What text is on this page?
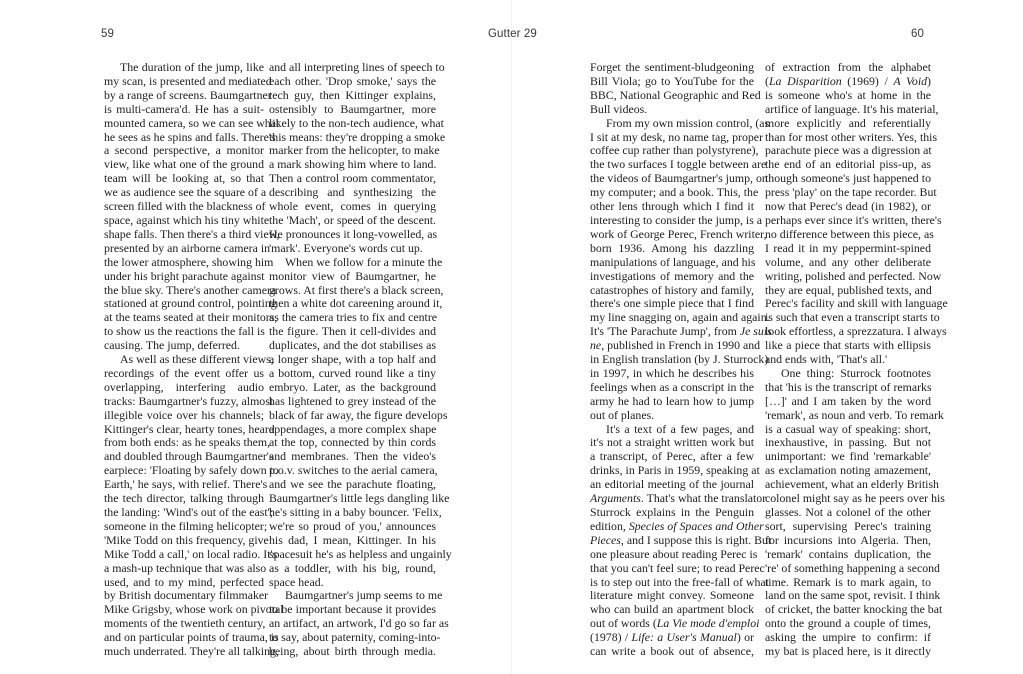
59	Gutter 29	60
The duration of the jump, like
my scan, is presented and mediated
by a range of screens. Baumgartner
is multi-camera'd. He has a suit-
mounted camera, so we can see what
he sees as he spins and falls. There's
a second perspective, a monitor
view, like what one of the ground
team will be looking at, so that
we as audience see the square of a
screen filled with the blackness of
space, against which his tiny white
shape falls. Then there's a third view,
presented by an airborne camera in
the lower atmosphere, showing him
under his bright parachute against
the blue sky. There's another camera
stationed at ground control, pointing
at the teams seated at their monitors,
to show us the reactions the fall is
causing. The jump, deferred.
As well as these different views,
recordings of the event offer us
overlapping, interfering audio
tracks: Baumgartner's fuzzy, almost
illegible voice over his channels;
Kittinger's clear, hearty tones, heard
from both ends: as he speaks them,
and doubled through Baumgartner's
earpiece: 'Floating by safely down to
Earth,' he says, with relief. There's
the tech director, talking through
the landing: 'Wind's out of the east';
someone in the filming helicopter;
'Mike Todd on this frequency, give
Mike Todd a call,' on local radio. It's
a mash-up technique that was also
used, and to my mind, perfected
by British documentary filmmaker
Mike Grigsby, whose work on pivotal
moments of the twentieth century,
and on particular points of trauma, is
much underrated. They're all talking,
and all interpreting lines of speech to
each other. 'Drop smoke,' says the
tech guy, then Kittinger explains,
ostensibly to Baumgartner, more
likely to the non-tech audience, what
this means: they're dropping a smoke
marker from the helicopter, to make
a mark showing him where to land.
Then a control room commentator,
describing and synthesizing the
whole event, comes in querying
the 'Mach', or speed of the descent.
He pronounces it long-vowelled, as
'mark'. Everyone's words cut up.
When we follow for a minute the
monitor view of Baumgartner, he
grows. At first there's a black screen,
then a white dot careening around it,
as the camera tries to fix and centre
the figure. Then it cell-divides and
duplicates, and the dot stabilises as
a longer shape, with a top half and
a bottom, curved round like a tiny
embryo. Later, as the background
has lightened to grey instead of the
black of far away, the figure develops
appendages, a more complex shape
at the top, connected by thin cords
and membranes. Then the video's
p.o.v. switches to the aerial camera,
and we see the parachute floating,
Baumgartner's little legs dangling like
he's sitting in a baby bouncer. 'Felix,
we're so proud of you,' announces
his dad, I mean, Kittinger. In his
spacesuit he's as helpless and ungainly
as a toddler, with his big, round,
space head.
Baumgartner's jump seems to me
to be important because it provides
an artifact, an artwork, I'd go so far as
to say, about paternity, coming-into-
being, about birth through media.
Forget the sentiment-bludgeoning
Bill Viola; go to YouTube for the
BBC, National Geographic and Red
Bull videos.
From my own mission control, (as
I sit at my desk, no name tag, proper
coffee cup rather than polystyrene),
the two surfaces I toggle between are
the videos of Baumgartner's jump, on
my computer; and a book. This, the
other lens through which I find it
interesting to consider the jump, is a
work of George Perec, French writer,
born 1936. Among his dazzling
manipulations of language, and his
investigations of memory and the
catastrophes of history and family,
there's one simple piece that I find
my line snagging on, again and again.
It's 'The Parachute Jump', from Je suis
ne, published in French in 1990 and
in English translation (by J. Sturrock)
in 1997, in which he describes his
feelings when as a conscript in the
army he had to learn how to jump
out of planes.
It's a text of a few pages, and
it's not a straight written work but
a transcript, of Perec, after a few
drinks, in Paris in 1959, speaking at
an editorial meeting of the journal
Arguments. That's what the translator
Sturrock explains in the Penguin
edition, Species of Spaces and Other
Pieces, and I suppose this is right. But
one pleasure about reading Perec is
that you can't feel sure; to read Perec
is to step out into the free-fall of what
literature might convey. Someone
who can build an apartment block
out of words (La Vie mode d'emploi
(1978) / Life: a User's Manual) or
can write a book out of absence,
of extraction from the alphabet
(La Disparition (1969) / A Void)
is someone who's at home in the
artifice of language. It's his material,
more explicitly and referentially
than for most other writers. Yes, this
parachute piece was a digression at
the end of an editorial piss-up, as
though someone's just happened to
press 'play' on the tape recorder. But
now that Perec's dead (in 1982), or
perhaps ever since it's written, there's
no difference between this piece, as
I read it in my peppermint-spined
volume, and any other deliberate
writing, polished and perfected. Now
they are equal, published texts, and
Perec's facility and skill with language
is such that even a transcript starts to
look effortless, a sprezzatura. I always
like a piece that starts with ellipsis
and ends with, 'That's all.'
One thing: Sturrock footnotes
that 'his is the transcript of remarks
[…]' and I am taken by the word
'remark', as noun and verb. To remark
is a casual way of speaking: short,
inexhaustive, in passing. But not
unimportant: we find 'remarkable'
as exclamation noting amazement,
achievement, what an elderly British
colonel might say as he peers over his
glasses. Not a colonel of the other
sort, supervising Perec's training
for incursions into Algeria. Then,
'remark' contains duplication, the
're' of something happening a second
time. Remark is to mark again, to
land on the same spot, revisit. I think
of cricket, the batter knocking the bat
onto the ground a couple of times,
asking the umpire to confirm: if
my bat is placed here, is it directly
